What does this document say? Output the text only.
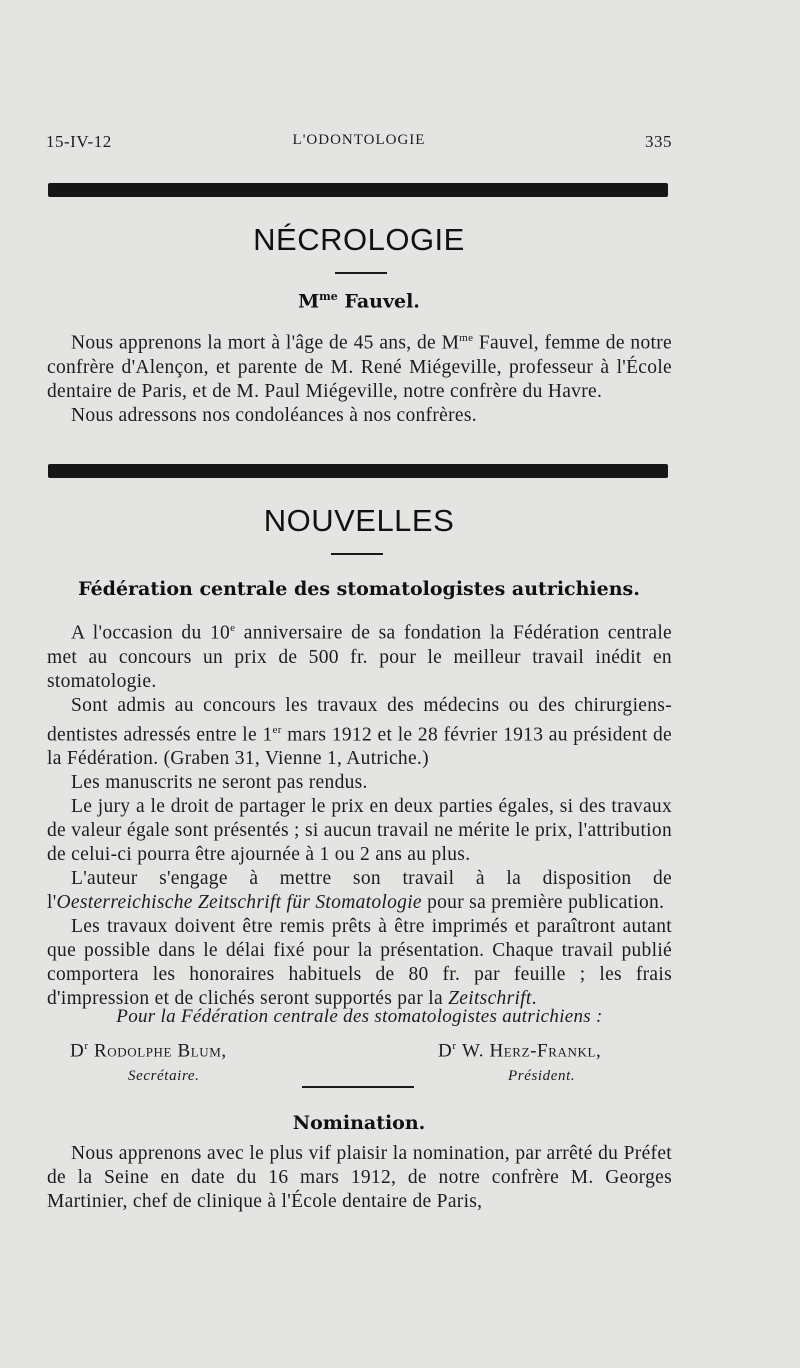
15-IV-12	L'ODONTOLOGIE	335
NÉCROLOGIE
$M^{me}$ Fauvel.

Nous apprenons la mort à l'âge de 45 ans, de $M^{me}$ Fauvel, femme de notre confrère d'Alençon, et parente de M. René Miégeville, professeur à l'École dentaire de Paris, et de M. Paul Miégeville, notre confrère du Havre.

Nous adressons nos condoléances à nos confrères.

NOUVELLES
Fédération centrale des stomatologistes autrichiens.

A l'occasion du 10e anniversaire de sa fondation la Fédération centrale met au concours un prix de 500 fr. pour le meilleur travail inédit en stomatologie.

Sont admis au concours les travaux des médecins ou des chirurgiens-dentistes adressés entre le 1er mars 1912 et le 28 février 1913 au président de la Fédération. (Graben 31, Vienne 1, Autriche.)

Les manuscrits ne seront pas rendus.

Le jury a le droit de partager le prix en deux parties égales, si des travaux de valeur égale sont présentés ; si aucun travail ne mérite le prix, l'attribution de celui-ci pourra être ajournée à 1 ou 2 ans au plus.

L'auteur s'engage à mettre son travail à la disposition de l'Oesterreichische Zeitschrift für Stomatologie pour sa première publication.

Les travaux doivent être remis prêts à être imprimés et paraîtront autant que possible dans le délai fixé pour la présentation. Chaque travail publié comportera les honoraires habituels de 80 fr. par feuille ; les frais d'impression et de clichés seront supportés par la Zeitschrift.

Pour la Fédération centrale des stomatologistes autrichiens :
$D^r$ Rodolphe Blum,
Secrétaire.
$D^r$ W. Herz-Frankl,
Président.
Nomination.

Nous apprenons avec le plus vif plaisir la nomination, par arrêté du Préfet de la Seine en date du 16 mars 1912, de notre confrère M. Georges Martinier, chef de clinique à l'École dentaire de Paris,
